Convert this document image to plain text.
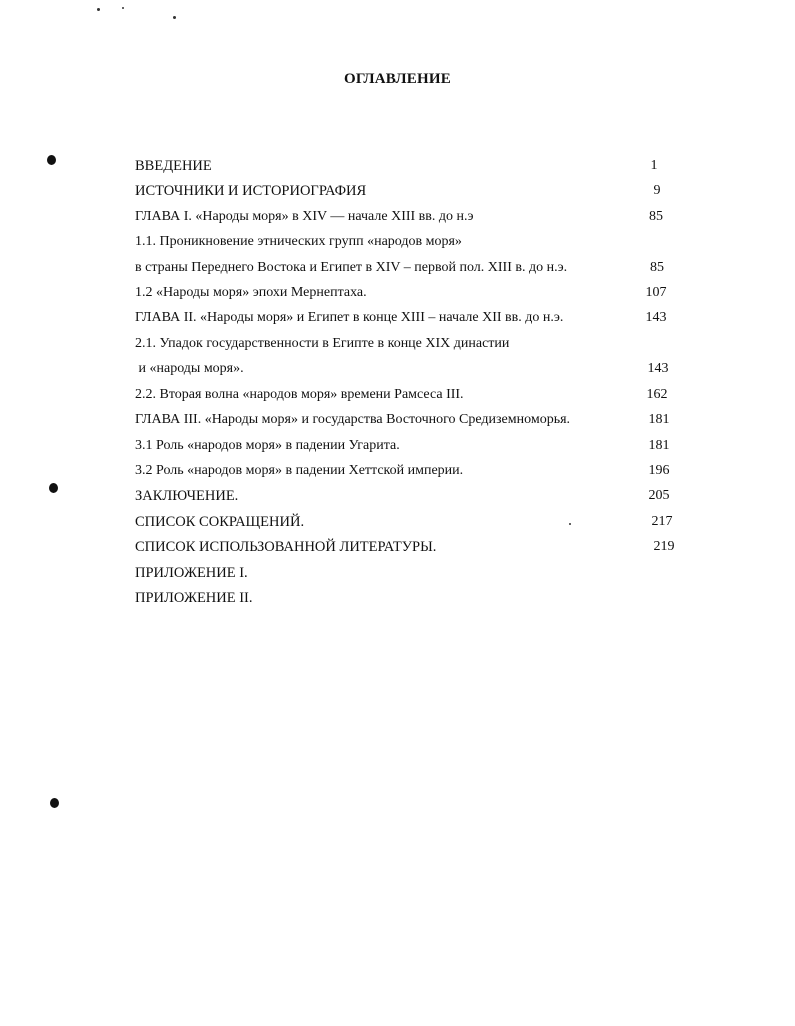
ОГЛАВЛЕНИЕ
ВВЕДЕНИЕ	1
ИСТОЧНИКИ И ИСТОРИОГРАФИЯ	9
ГЛАВА I. «Народы моря» в XIV — начале XIII вв. до н.э	85
1.1. Проникновение этнических групп «народов моря»
в страны Переднего Востока и Египет в XIV – первой пол. XIII в. до н.э.	85
1.2 «Народы моря» эпохи Мернептаха.	107
ГЛАВА II. «Народы моря» и Египет в конце XIII – начале XII вв. до н.э.	143
2.1. Упадок государственности в Египте в конце XIX династии
и «народы моря».	143
2.2. Вторая волна «народов моря» времени Рамсеса III.	162
ГЛАВА III. «Народы моря» и государства Восточного Средиземноморья.	181
3.1 Роль «народов моря» в падении Угарита.	181
3.2 Роль «народов моря» в падении Хеттской империи.	196
ЗАКЛЮЧЕНИЕ.	205
СПИСОК СОКРАЩЕНИЙ.	217
СПИСОК ИСПОЛЬЗОВАННОЙ ЛИТЕРАТУРЫ.	219
ПРИЛОЖЕНИЕ I.
ПРИЛОЖЕНИЕ II.
